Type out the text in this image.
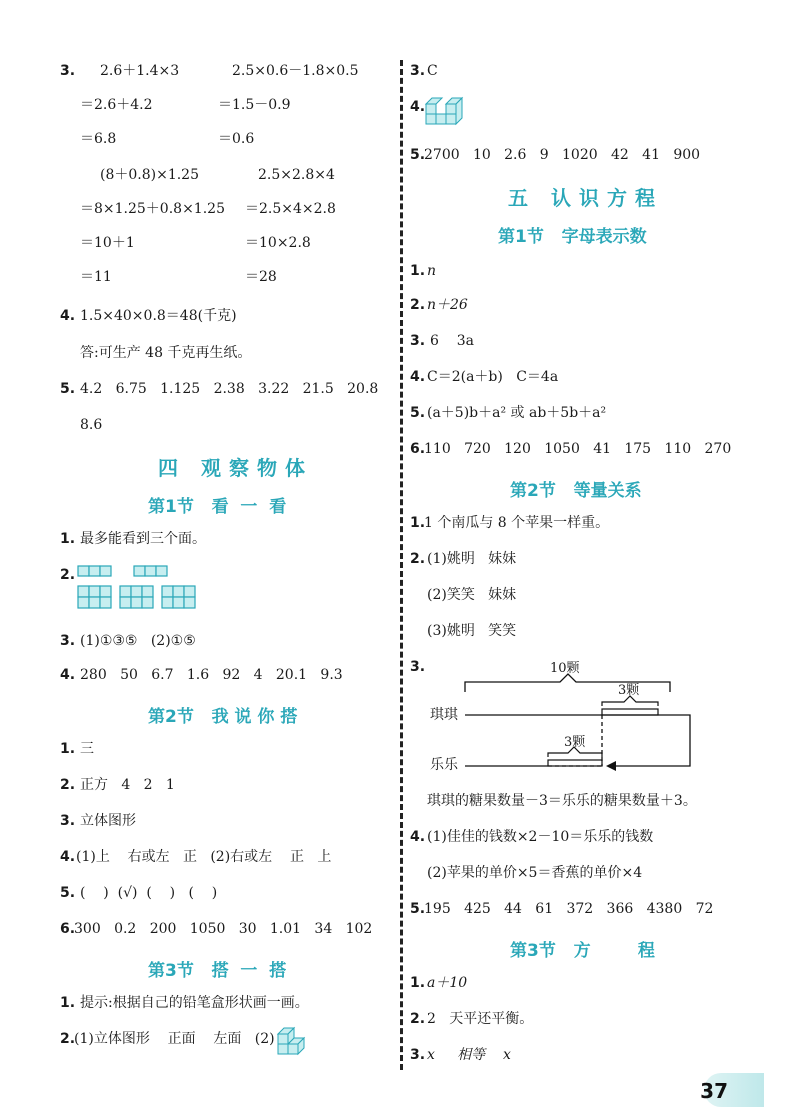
3. 2.6＋1.4×3	2.5×0.6－1.8×0.5
＝2.6＋4.2	＝1.5－0.9
＝6.8	＝0.6
(8＋0.8)×1.25	2.5×2.8×4
＝8×1.25＋0.8×1.25 ＝2.5×4×2.8
＝10＋1	＝10×2.8
＝11	＝28
4. 1.5×40×0.8＝48(千克)
答:可生产 48 千克再生纸。
5. 4.2   6.75   1.125   2.38   3.22   21.5   20.8
8.6
四 观察物体
第1节   看  一  看
1. 最多能看到三个面。
2.
3. (1)①③⑤   (2)①⑤
4. 280   50   6.7   1.6   92   4   20.1   9.3
第2节   我 说 你 搭
1. 三
2. 正方   4   2   1
3. 立体图形
4. (1)上    右或左   正   (2)右或左    正   上
5. (    )  (√)  (    )   (    )
6.
300   0.2   200   1050   30   1.01   34   102
第3节   搭  一  搭
1. 提示:根据自己的铅笔盒形状画一画。
2.
(1)立体图形    正面    左面   (2)
3. C
4.
5.
2700   10   2.6   9   1020   42   41   900
五 认识方程
第1节   字母表示数
1. n
2. n＋26
3. 6    3a
4. C＝2(a＋b)   C＝4a
5. (a＋5)b＋a² 或 ab＋5b＋a²
6.
110   720   120   1050   41   175   110   270
第2节   等量关系
1.
1 个南瓜与 8 个苹果一样重。
2. (1)姚明   妹妹
(2)笑笑   妹妹
(3)姚明   笑笑
3.	10颗
3颗
3颗
琪琪
乐乐
琪琪的糖果数量－3＝乐乐的糖果数量＋3。
4. (1)佳佳的钱数×2－10＝乐乐的钱数
(2)苹果的单价×5＝香蕉的单价×4
5.
195   425   44   61   372   366   4380   72
第3节   方        程
1. a＋10
2. 2   天平还平衡。
3. x     相等    x
37
